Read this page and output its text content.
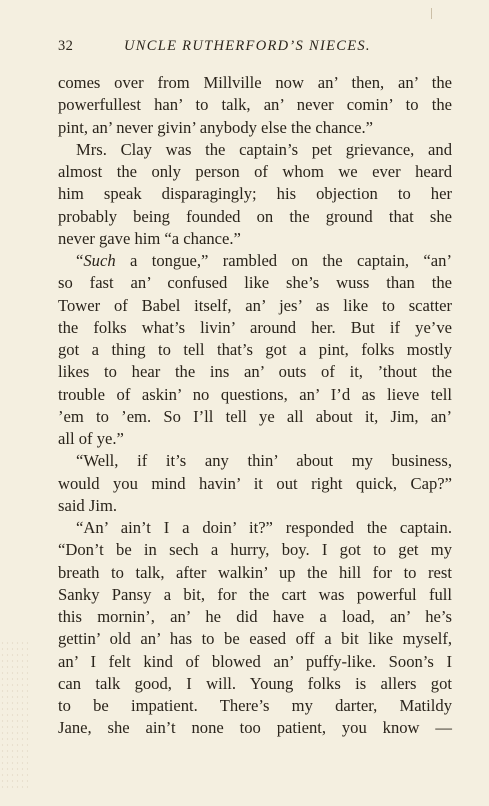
32	UNCLE RUTHERFORD’S NIECES.
comes over from Millville now an’ then, an’ the
powerfullest han’ to talk, an’ never comin’ to the
pint, an’ never givin’ anybody else the chance.”
Mrs. Clay was the captain’s pet grievance, and
almost the only person of whom we ever heard
him speak disparagingly; his objection to her
probably being founded on the ground that she
never gave him “a chance.”
“Such a tongue,” rambled on the captain, “an’
so fast an’ confused like she’s wuss than the
Tower of Babel itself, an’ jes’ as like to scatter
the folks what’s livin’ around her. But if ye’ve
got a thing to tell that’s got a pint, folks mostly
likes to hear the ins an’ outs of it, ’thout the
trouble of askin’ no questions, an’ I’d as lieve tell
’em to ’em. So I’ll tell ye all about it, Jim, an’
all of ye.”
“Well, if it’s any thin’ about my business,
would you mind havin’ it out right quick, Cap?”
said Jim.
“An’ ain’t I a doin’ it?” responded the captain.
“Don’t be in sech a hurry, boy. I got to get my
breath to talk, after walkin’ up the hill for to rest
Sanky Pansy a bit, for the cart was powerful full
this mornin’, an’ he did have a load, an’ he’s
gettin’ old an’ has to be eased off a bit like myself,
an’ I felt kind of blowed an’ puffy-like. Soon’s I
can talk good, I will. Young folks is allers got
to be impatient. There’s my darter, Matildy
Jane, she ain’t none too patient, you know —
